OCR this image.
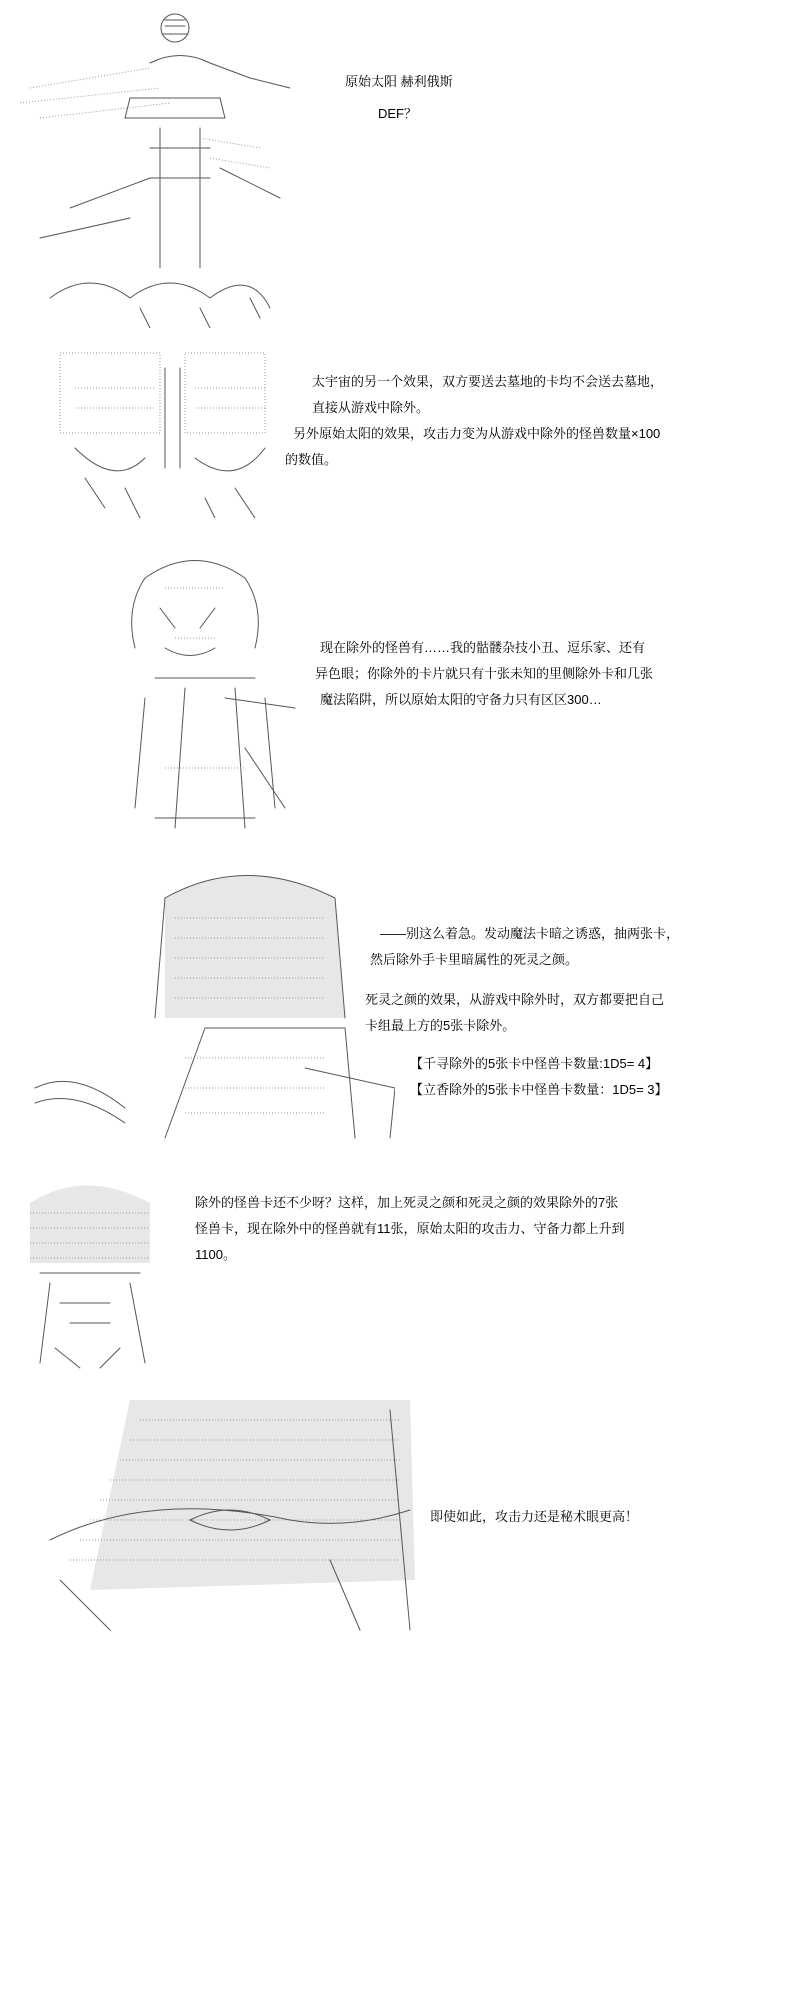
原始太阳 赫利俄斯

DEF？

太宇宙的另一个效果，双方要送去墓地的卡均不会送去墓地，

直接从游戏中除外。

另外原始太阳的效果，攻击力变为从游戏中除外的怪兽数量×100

的数值。

现在除外的怪兽有……我的骷髅杂技小丑、逗乐家、还有

异色眼；你除外的卡片就只有十张未知的里侧除外卡和几张

魔法陷阱，所以原始太阳的守备力只有区区300…

——别这么着急。发动魔法卡暗之诱惑，抽两张卡，

然后除外手卡里暗属性的死灵之颜。

死灵之颜的效果，从游戏中除外时，双方都要把自己

卡组最上方的5张卡除外。

【千寻除外的5张卡中怪兽卡数量:1D5= 4】

【立香除外的5张卡中怪兽卡数量：1D5= 3】

除外的怪兽卡还不少呀？这样，加上死灵之颜和死灵之颜的效果除外的7张

怪兽卡，现在除外中的怪兽就有11张，原始太阳的攻击力、守备力都上升到

1100。

即使如此，攻击力还是秘术眼更高！
